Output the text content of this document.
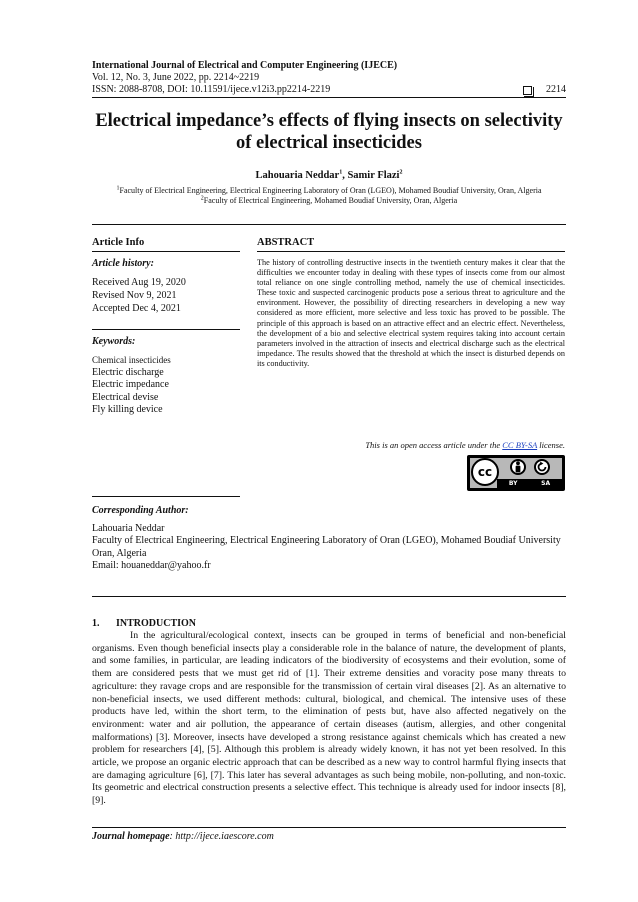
International Journal of Electrical and Computer Engineering (IJECE)
Vol. 12, No. 3, June 2022, pp. 2214~2219
ISSN: 2088-8708, DOI: 10.11591/ijece.v12i3.pp2214-2219	2214
Electrical impedance’s effects of flying insects on selectivity of electrical insecticides
Lahouaria Neddar$^1$, Samir Flazi$^2$
$^1$Faculty of Electrical Engineering, Electrical Engineering Laboratory of Oran (LGEO), Mohamed Boudiaf University, Oran, Algeria
$^2$Faculty of Electrical Engineering, Mohamed Boudiaf University, Oran, Algeria
Article Info
Article history:
Received Aug 19, 2020
Revised Nov 9, 2021
Accepted Dec 4, 2021
Keywords:
Chemical insecticides
Electric discharge
Electric impedance
Electrical devise
Fly killing device
ABSTRACT
The history of controlling destructive insects in the twentieth century makes it clear that the difficulties we encounter today in dealing with these types of insects come from our almost total reliance on one single controlling method, namely the use of chemical insecticides. These toxic and suspected carcinogenic products pose a serious threat to agriculture and the environment. However, the possibility of directing researchers in developing a new way considered as more efficient, more selective and less toxic has proved to be possible. The principle of this approach is based on an attractive effect and an electric effect. Nevertheless, the development of a bio and selective electrical system requires taking into account certain parameters involved in the attraction of insects and electrical discharge such as the electrical impedance. The results showed that the threshold at which the insect is disturbed depends on its conductivity.
This is an open access article under the CC BY-SA license.
cc
BY	SA
Corresponding Author:
Lahouaria Neddar
Faculty of Electrical Engineering, Electrical Engineering Laboratory of Oran (LGEO), Mohamed Boudiaf University
Oran, Algeria
Email: houaneddar@yahoo.fr
1. INTRODUCTION

In the agricultural/ecological context, insects can be grouped in terms of beneficial and non-beneficial organisms. Even though beneficial insects play a considerable role in the balance of nature, the development of plants, and some families, in particular, are leading indicators of the biodiversity of ecosystems and their evolution, some of them are considered pests that we must get rid of [1]. Their extreme densities and voracity pose many threats to agriculture: they ravage crops and are responsible for the transmission of certain viral diseases [2]. As an alternative to non-beneficial insects, we used different methods: cultural, biological, and chemical. The intensive uses of these products have led, within the short term, to the elimination of pests but, have also affected negatively on the environment: water and air pollution, the appearance of certain diseases (autism, allergies, and other congenital malformations) [3]. Moreover, insects have developed a strong resistance against chemicals which has created a new problem for researchers [4], [5]. Although this problem is already widely known, it has not yet been resolved. In this article, we propose an organic electric approach that can be described as a new way to control harmful flying insects that are damaging agriculture [6], [7]. This later has several advantages as such being mobile, non-polluting, and non-toxic. Its geometric and electrical construction presents a selective effect. This technique is already used for indoor insects [8], [9].

Journal homepage: http://ijece.iaescore.com
